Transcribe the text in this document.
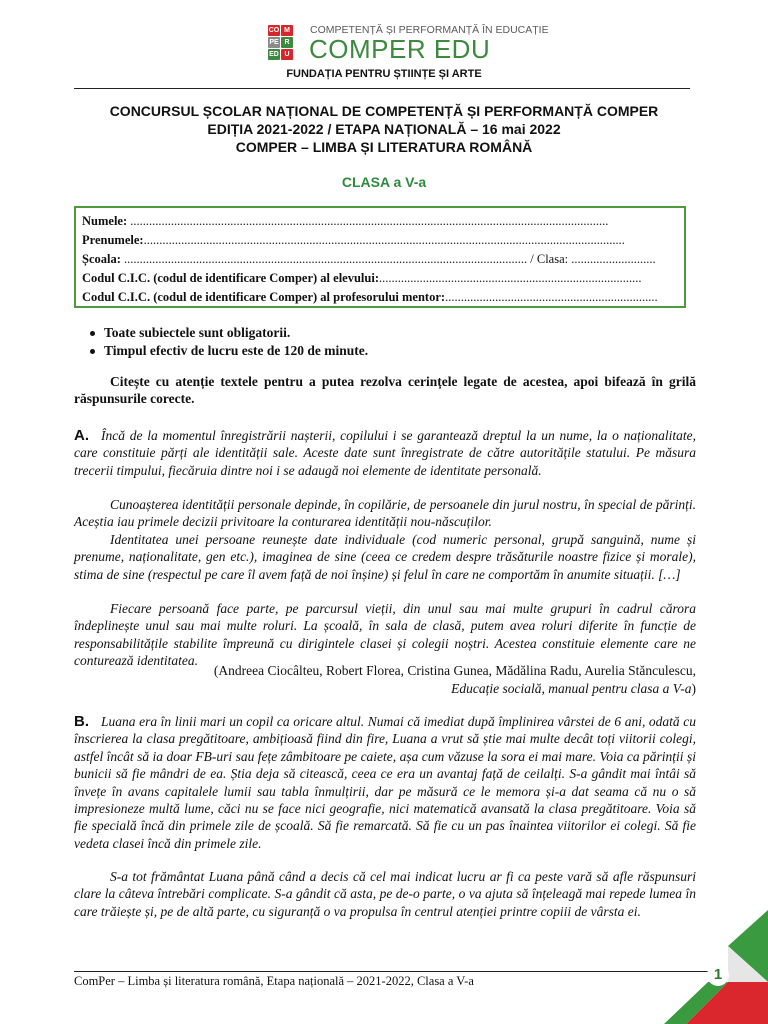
CO M
PE R
ED U
COMPETENȚĂ ȘI PERFORMANȚĂ ÎN EDUCAȚIE
COMPER EDU
FUNDAȚIA PENTRU ȘTIINȚE ȘI ARTE
CONCURSUL ȘCOLAR NAȚIONAL DE COMPETENȚĂ ȘI PERFORMANȚĂ COMPER
EDIȚIA 2021-2022 / ETAPA NAȚIONALĂ – 16 mai 2022
COMPER – LIMBA ȘI LITERATURA ROMÂNĂ
CLASA a V-a
Numele: .........................................................................................................................................................
Prenumele:..........................................................................................................................................................
Școala: ................................................................................................................................. / Clasa: ...........................
Codul C.I.C. (codul de identificare Comper) al elevului:....................................................................................
Codul C.I.C. (codul de identificare Comper) al profesorului mentor:....................................................................
Toate subiectele sunt obligatorii.
Timpul efectiv de lucru este de 120 de minute.

Citește cu atenție textele pentru a putea rezolva cerințele legate de acestea, apoi bifează în grilă răspunsurile corecte.

A. Încă de la momentul înregistrării nașterii, copilului i se garantează dreptul la un nume, la o naționalitate, care constituie părți ale identității sale. Aceste date sunt înregistrate de către autoritățile statului. Pe măsura trecerii timpului, fiecăruia dintre noi i se adaugă noi elemente de identitate personală.

Cunoașterea identității personale depinde, în copilărie, de persoanele din jurul nostru, în special de părinți. Aceștia iau primele decizii privitoare la conturarea identității nou-născuților.

Identitatea unei persoane reunește date individuale (cod numeric personal, grupă sanguină, nume și prenume, naționalitate, gen etc.), imaginea de sine (ceea ce credem despre trăsăturile noastre fizice și morale), stima de sine (respectul pe care îl avem față de noi înșine) și felul în care ne comportăm în anumite situații. […]

Fiecare persoană face parte, pe parcursul vieții, din unul sau mai multe grupuri în cadrul cărora îndeplinește unul sau mai multe roluri. La școală, în sala de clasă, putem avea roluri diferite în funcție de responsabilitățile stabilite împreună cu dirigintele clasei și colegii noștri. Acestea constituie elemente care ne conturează identitatea.

(Andreea Ciocâlteu, Robert Florea, Cristina Gunea, Mădălina Radu, Aurelia Stănculescu,
Educație socială, manual pentru clasa a V-a)

B. Luana era în linii mari un copil ca oricare altul. Numai că imediat după împlinirea vârstei de 6 ani, odată cu înscrierea la clasa pregătitoare, ambițioasă fiind din fire, Luana a vrut să știe mai multe decât toți viitorii colegi, astfel încât să ia doar FB-uri sau fețe zâmbitoare pe caiete, așa cum văzuse la sora ei mai mare. Voia ca părinții și bunicii să fie mândri de ea. Știa deja să citească, ceea ce era un avantaj față de ceilalți. S-a gândit mai întâi să învețe în avans capitalele lumii sau tabla înmulțirii, dar pe măsură ce le memora și-a dat seama că nu o să impresioneze multă lume, căci nu se face nici geografie, nici matematică avansată la clasa pregătitoare. Voia să fie specială încă din primele zile de școală. Să fie remarcată. Să fie cu un pas înaintea viitorilor ei colegi. Să fie vedeta clasei încă din primele zile.

S-a tot frământat Luana până când a decis că cel mai indicat lucru ar fi ca peste vară să afle răspunsuri clare la câteva întrebări complicate. S-a gândit că asta, pe de-o parte, o va ajuta să înțeleagă mai repede lumea în care trăiește și, pe de altă parte, cu siguranță o va propulsa în centrul atenției printre copiii de vârsta ei.

ComPer – Limba și literatura română, Etapa națională – 2021-2022, Clasa a V-a	1
